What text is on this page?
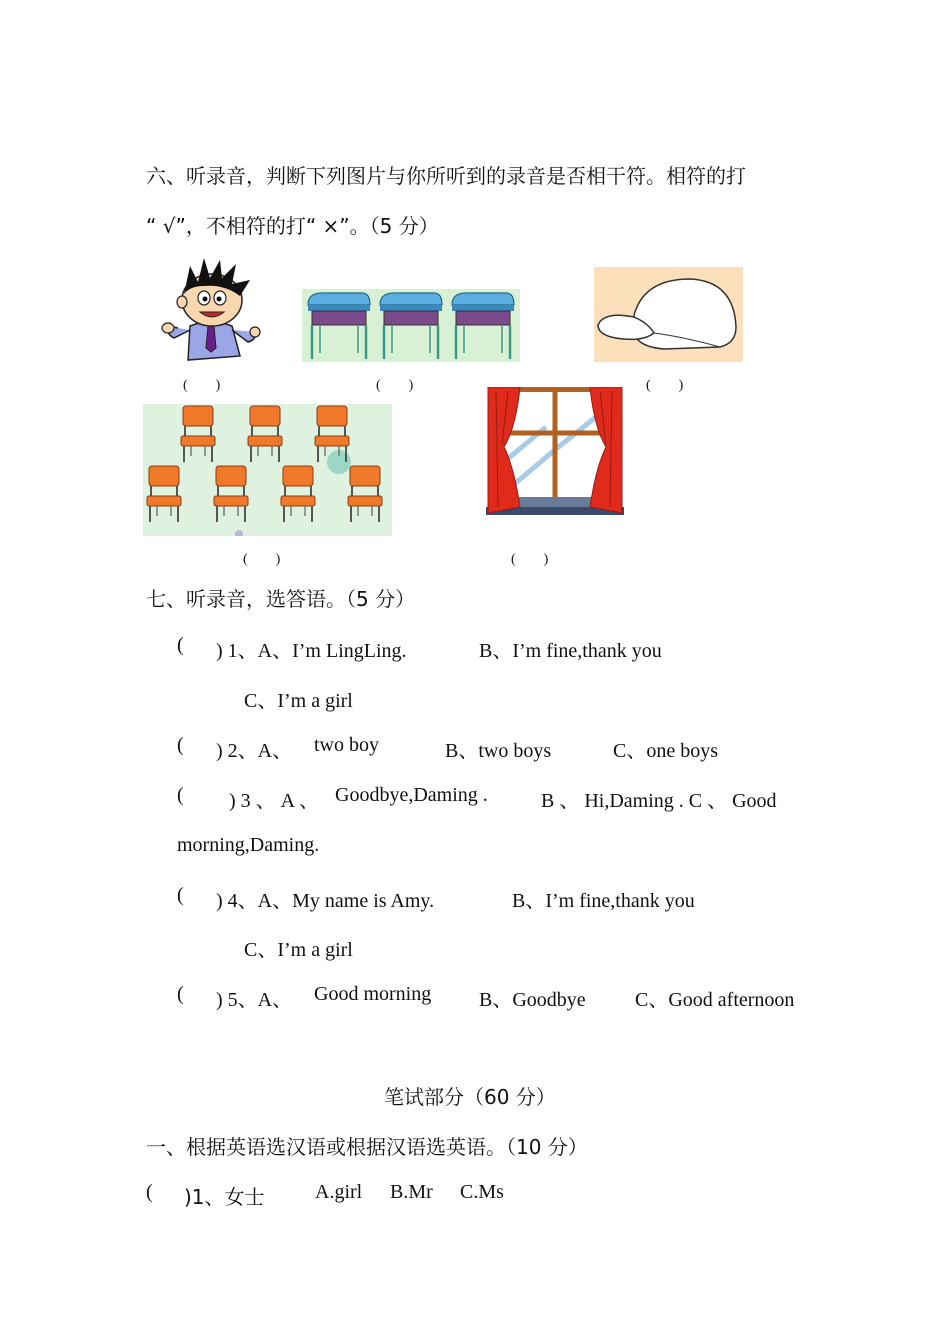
六、听录音，判断下列图片与你所听到的录音是否相干符。相符的打
“ √”，不相符的打“ ×”。（5 分）
(　　)	(　　)	(　　)
(　　)	(　　)
七、听录音，选答语。（5 分）
( ) 1、A、I’m LingLing.	B、I’m fine,thank you
C、I’m a girl
( ) 2、A、 two boy	B、two boys	C、one boys
( ) 3 、 A 、 Goodbye,Daming .	B 、 Hi,Daming . C 、 Good
morning,Daming.
( ) 4、A、My name is Amy.	B、I’m fine,thank you
C、I’m a girl
( ) 5、A、 Good morning B、Goodbye C、Good afternoon
笔试部分（60 分）
一、根据英语选汉语或根据汉语选英语。（10 分）
( )1、女士	A.girl B.Mr C.Ms
